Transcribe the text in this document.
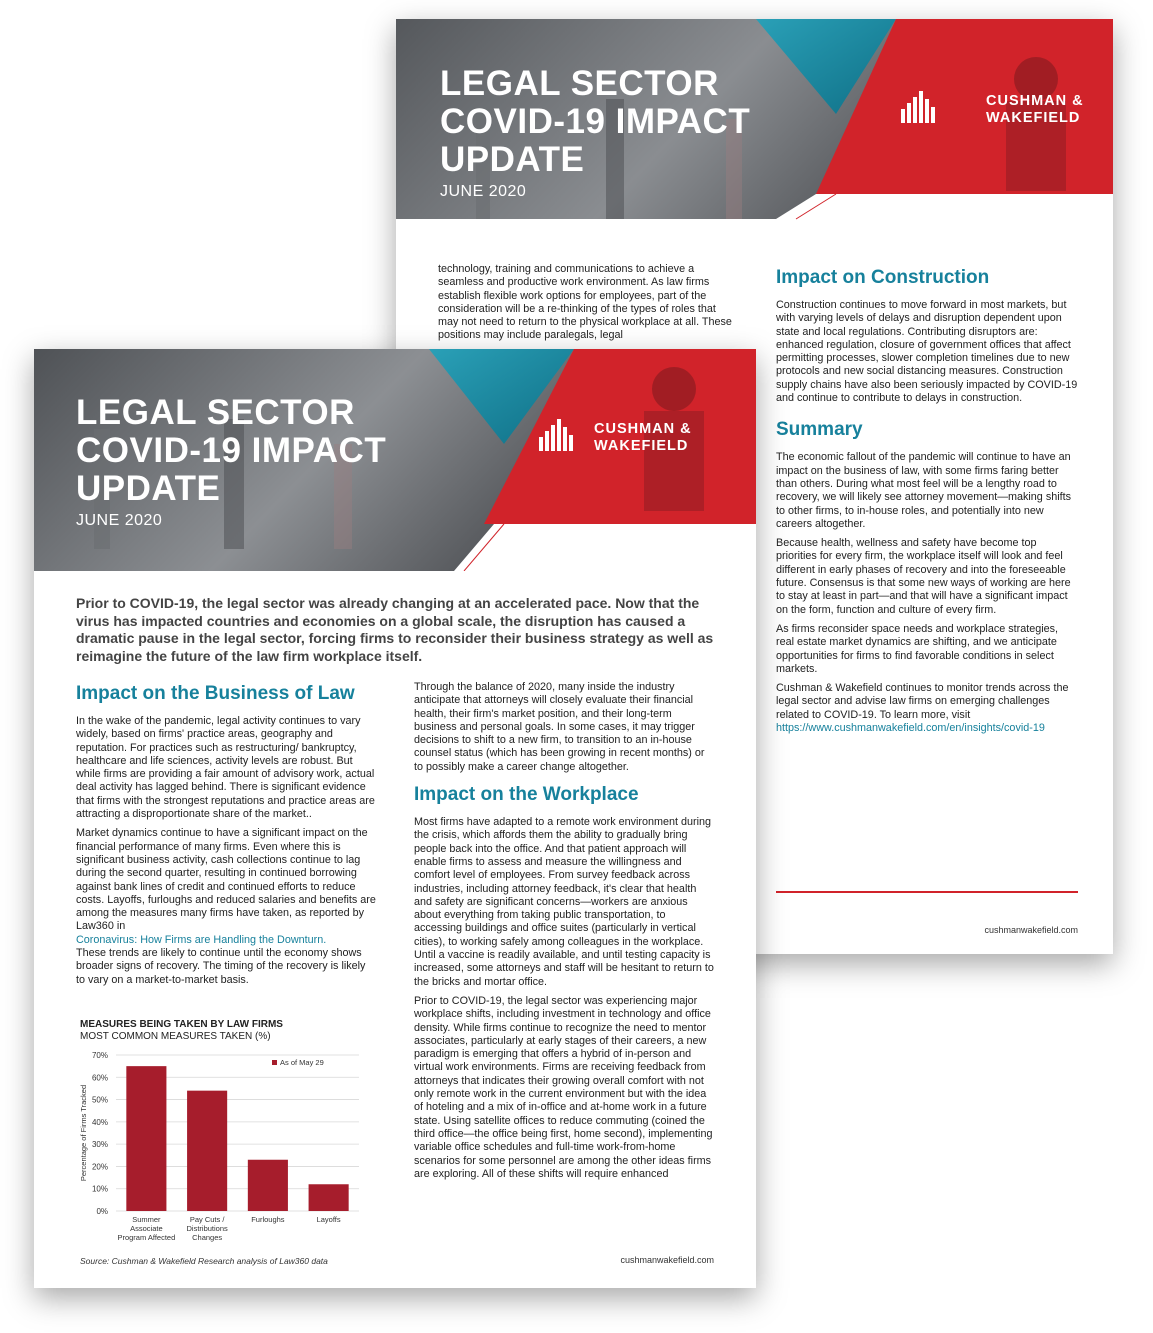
LEGAL SECTOR
COVID-19 IMPACT
UPDATE
JUNE 2020
CUSHMAN &
WAKEFIELD

technology, training and communications to achieve a seamless and productive work environment. As law firms establish flexible work options for employees, part of the consideration will be a re-thinking of the types of roles that may not need to return to the physical workplace at all. These positions may include paralegals, legal

Impact on Construction

Construction continues to move forward in most markets, but with varying levels of delays and disruption dependent upon state and local regulations. Contributing disruptors are: enhanced regulation, closure of government offices that affect permitting processes, slower completion timelines due to new protocols and new social distancing measures. Construction supply chains have also been seriously impacted by COVID-19 and continue to contribute to delays in construction.

Summary

The economic fallout of the pandemic will continue to have an impact on the business of law, with some firms faring better than others. During what most feel will be a lengthy road to recovery, we will likely see attorney movement—making shifts to other firms, to in-house roles, and potentially into new careers altogether.

Because health, wellness and safety have become top priorities for every firm, the workplace itself will look and feel different in early phases of recovery and into the foreseeable future. Consensus is that some new ways of working are here to stay at least in part—and that will have a significant impact on the form, function and culture of every firm.

As firms reconsider space needs and workplace strategies, real estate market dynamics are shifting, and we anticipate opportunities for firms to find favorable conditions in select markets.

Cushman & Wakefield continues to monitor trends across the legal sector and advise law firms on emerging challenges related to COVID-19. To learn more, visit

https://www.cushmanwakefield.com/en/insights/covid-19

cushmanwakefield.com
LEGAL SECTOR
COVID-19 IMPACT
UPDATE
JUNE 2020
CUSHMAN &
WAKEFIELD
Prior to COVID-19, the legal sector was already changing at an accelerated pace. Now that the virus has impacted countries and economies on a global scale, the disruption has caused a dramatic pause in the legal sector, forcing firms to reconsider their business strategy as well as reimagine the future of the law firm workplace itself.
Impact on the Business of Law

In the wake of the pandemic, legal activity continues to vary widely, based on firms' practice areas, geography and reputation. For practices such as restructuring/ bankruptcy, healthcare and life sciences, activity levels are robust. But while firms are providing a fair amount of advisory work, actual deal activity has lagged behind. There is significant evidence that firms with the strongest reputations and practice areas are attracting a disproportionate share of the market..

Market dynamics continue to have a significant impact on the financial performance of many firms. Even where this is significant business activity, cash collections continue to lag during the second quarter, resulting in continued borrowing against bank lines of credit and continued efforts to reduce costs. Layoffs, furloughs and reduced salaries and benefits are among the measures many firms have taken, as reported by Law360 in

Coronavirus: How Firms are Handling the Downturn.

These trends are likely to continue until the economy shows broader signs of recovery. The timing of the recovery is likely to vary on a market-to-market basis.

Through the balance of 2020, many inside the industry anticipate that attorneys will closely evaluate their financial health, their firm's market position, and their long-term business and personal goals. In some cases, it may trigger decisions to shift to a new firm, to transition to an in-house counsel status (which has been growing in recent months) or to possibly make a career change altogether.

Impact on the Workplace

Most firms have adapted to a remote work environment during the crisis, which affords them the ability to gradually bring people back into the office. And that patient approach will enable firms to assess and measure the willingness and comfort level of employees. From survey feedback across industries, including attorney feedback, it's clear that health and safety are significant concerns—workers are anxious about everything from taking public transportation, to accessing buildings and office suites (particularly in vertical cities), to working safely among colleagues in the workplace. Until a vaccine is readily available, and until testing capacity is increased, some attorneys and staff will be hesitant to return to the bricks and mortar office.

Prior to COVID-19, the legal sector was experiencing major workplace shifts, including investment in technology and office density. While firms continue to recognize the need to mentor associates, particularly at early stages of their careers, a new paradigm is emerging that offers a hybrid of in-person and virtual work environments. Firms are receiving feedback from attorneys that indicates their growing overall comfort with not only remote work in the current environment but with the idea of hoteling and a mix of in-office and at-home work in a future state. Using satellite offices to reduce commuting (coined the third office—the office being first, home second), implementing variable office schedules and full-time work-from-home scenarios for some personnel are among the other ideas firms are exploring. All of these shifts will require enhanced

MEASURES BEING TAKEN BY LAW FIRMS
MOST COMMON MEASURES TAKEN (%)
0%
10%
20%
30%
40%
50%
60%
70%
Percentage of Firms Tracked
Summer
Associate
Program Affected
Pay Cuts /
Distributions
Changes
Furloughs	Layoffs
As of May 29
Source: Cushman & Wakefield Research analysis of Law360 data	cushmanwakefield.com
